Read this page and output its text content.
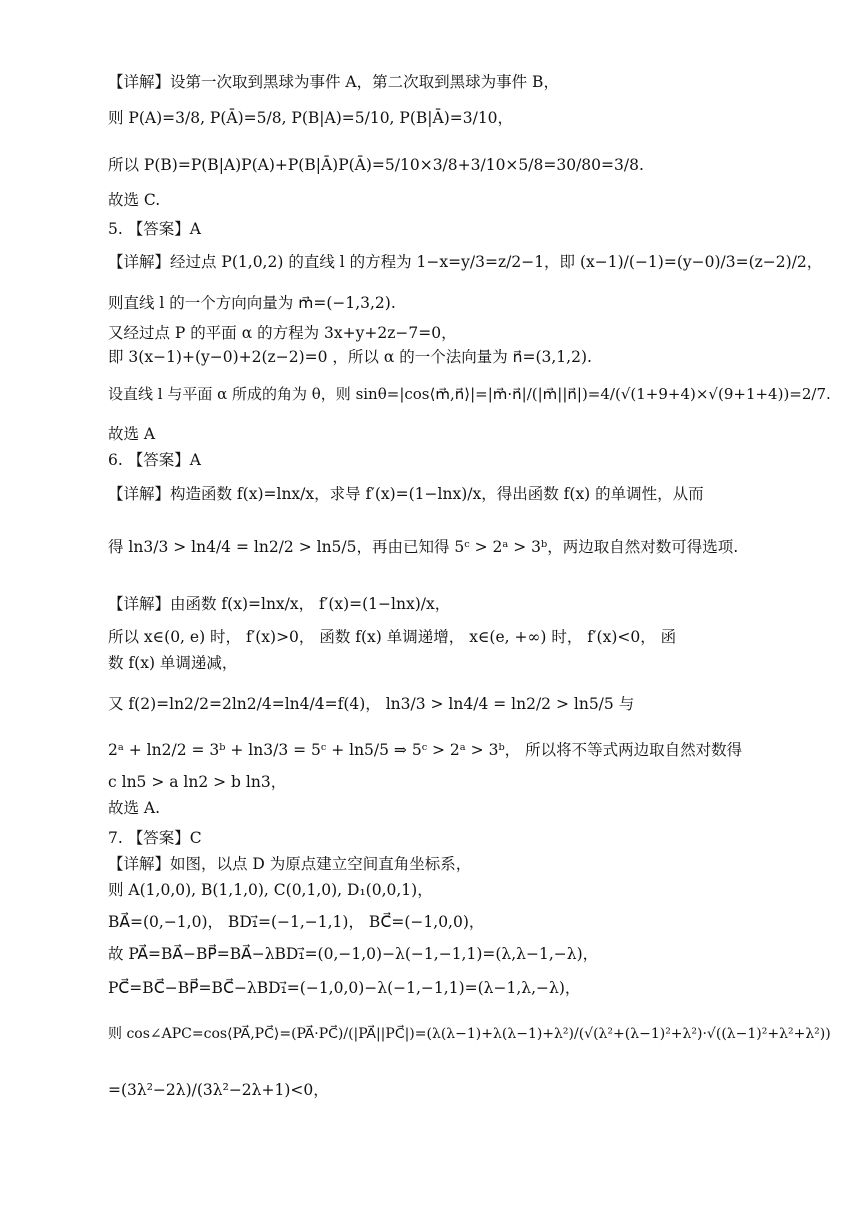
【详解】设第一次取到黑球为事件 A，第二次取到黑球为事件 B，
则 P(A)=3/8, P(Ā)=5/8, P(B|A)=5/10, P(B|Ā)=3/10，
所以 P(B)=P(B|A)P(A)+P(B|Ā)P(Ā)=5/10×3/8+3/10×5/8=30/80=3/8.
故选 C.
5. 【答案】A
【详解】经过点 P(1,0,2) 的直线 l 的方程为 1−x=y/3=z/2−1，即 (x−1)/(−1)=(y−0)/3=(z−2)/2，
则直线 l 的一个方向向量为 m⃗=(−1,3,2).
又经过点 P 的平面 α 的方程为 3x+y+2z−7=0，
即 3(x−1)+(y−0)+2(z−2)=0 ，所以 α 的一个法向量为 n⃗=(3,1,2).
设直线 l 与平面 α 所成的角为 θ，则 sinθ=|cos⟨m⃗,n⃗⟩|=|m⃗·n⃗|/(|m⃗||n⃗|)=4/(√(1+9+4)×√(9+1+4))=2/7.
故选 A
6. 【答案】A
【详解】构造函数 f(x)=lnx/x，求导 f′(x)=(1−lnx)/x，得出函数 f(x) 的单调性，从而
得 ln3/3 > ln4/4 = ln2/2 > ln5/5，再由已知得 5ᶜ > 2ᵃ > 3ᵇ，两边取自然对数可得选项.
【详解】由函数 f(x)=lnx/x， f′(x)=(1−lnx)/x，
所以 x∈(0, e) 时， f′(x)>0， 函数 f(x) 单调递增， x∈(e, +∞) 时， f′(x)<0， 函
数 f(x) 单调递减，
又 f(2)=ln2/2=2ln2/4=ln4/4=f(4)， ln3/3 > ln4/4 = ln2/2 > ln5/5 与
2ᵃ + ln2/2 = 3ᵇ + ln3/3 = 5ᶜ + ln5/5 ⇒ 5ᶜ > 2ᵃ > 3ᵇ， 所以将不等式两边取自然对数得
c ln5 > a ln2 > b ln3，
故选 A.
7. 【答案】C
【详解】如图，以点 D 为原点建立空间直角坐标系，
则 A(1,0,0), B(1,1,0), C(0,1,0), D₁(0,0,1)，
BA⃗=(0,−1,0)， BD₁⃗=(−1,−1,1)， BC⃗=(−1,0,0)，
故 PA⃗=BA⃗−BP⃗=BA⃗−λBD₁⃗=(0,−1,0)−λ(−1,−1,1)=(λ,λ−1,−λ)，
PC⃗=BC⃗−BP⃗=BC⃗−λBD₁⃗=(−1,0,0)−λ(−1,−1,1)=(λ−1,λ,−λ)，
则 cos∠APC=cos⟨PA⃗,PC⃗⟩=(PA⃗·PC⃗)/(|PA⃗||PC⃗|)=(λ(λ−1)+λ(λ−1)+λ²)/(√(λ²+(λ−1)²+λ²)·√((λ−1)²+λ²+λ²))
=(3λ²−2λ)/(3λ²−2λ+1)<0，
